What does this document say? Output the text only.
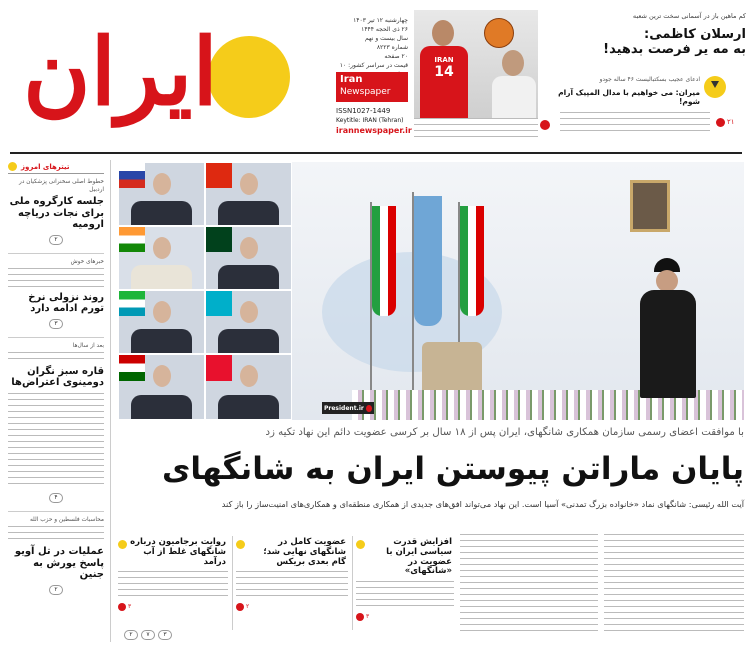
ایران	چهارشنبه ۱۲ تیر ۱۴۰۳
۲۶ ذی الحجه ۱۴۴۴
سال بیست و نهم
شماره ۸۲۲۳
۲۰ صفحه
قیمت در سراسر کشور: ۱۰
Iran
Newspaper
ISSN1027-1449
Keytitle: IRAN (Tehran)
irannewspaper.ir
IRAN
14
کم ماهین باز در آسمانی سخت ترین شعبه
ارسلان کاظمی:
به مه یر فرصت بدهید!
ادعای عجیب بسکتبالیست ۴۶ ساله جودو
میران: می خواهیم با مدال المپیک آرام شوم!
۲۱
تیترهای امروز
خطوط اصلی سخنرانی پزشکیان در اردبیل
جلسه کارگروه ملی برای نجات دریاچه ارومیه
۲
خبرهای خوش
روند نزولی نرخ تورم ادامه دارد
۳
بعد از سال‌ها
قاره سبز نگران دومینوی اعتراض‌ها
۴
محاسبات فلسطین و حزب الله
عملیات در تل آویو پاسخ یورش به جنین
۲
President.ir
با موافقت اعضای رسمی سازمان همکاری شانگهای، ایران پس از ۱۸ سال بر کرسی عضویت دائم این نهاد تکیه زد
پایان ماراتن پیوستن ایران به شانگهای
آیت الله رئیسی: شانگهای نماد «خانواده بزرگ تمدنی» آسیا است. این نهاد می‌تواند افق‌های جدیدی از همکاری منطقه‌ای و همکاری‌های امنیت‌ساز را باز کند
افزایش قدرت سیاسی ایران با عضویت در «شانگهای»
۳
عضویت کامل در شانگهای نهایی شد؛ گام بعدی بریکس
۲
روایت برجامیون درباره شانگهای غلط از آب درآمد
۳
۲	۷	۳
